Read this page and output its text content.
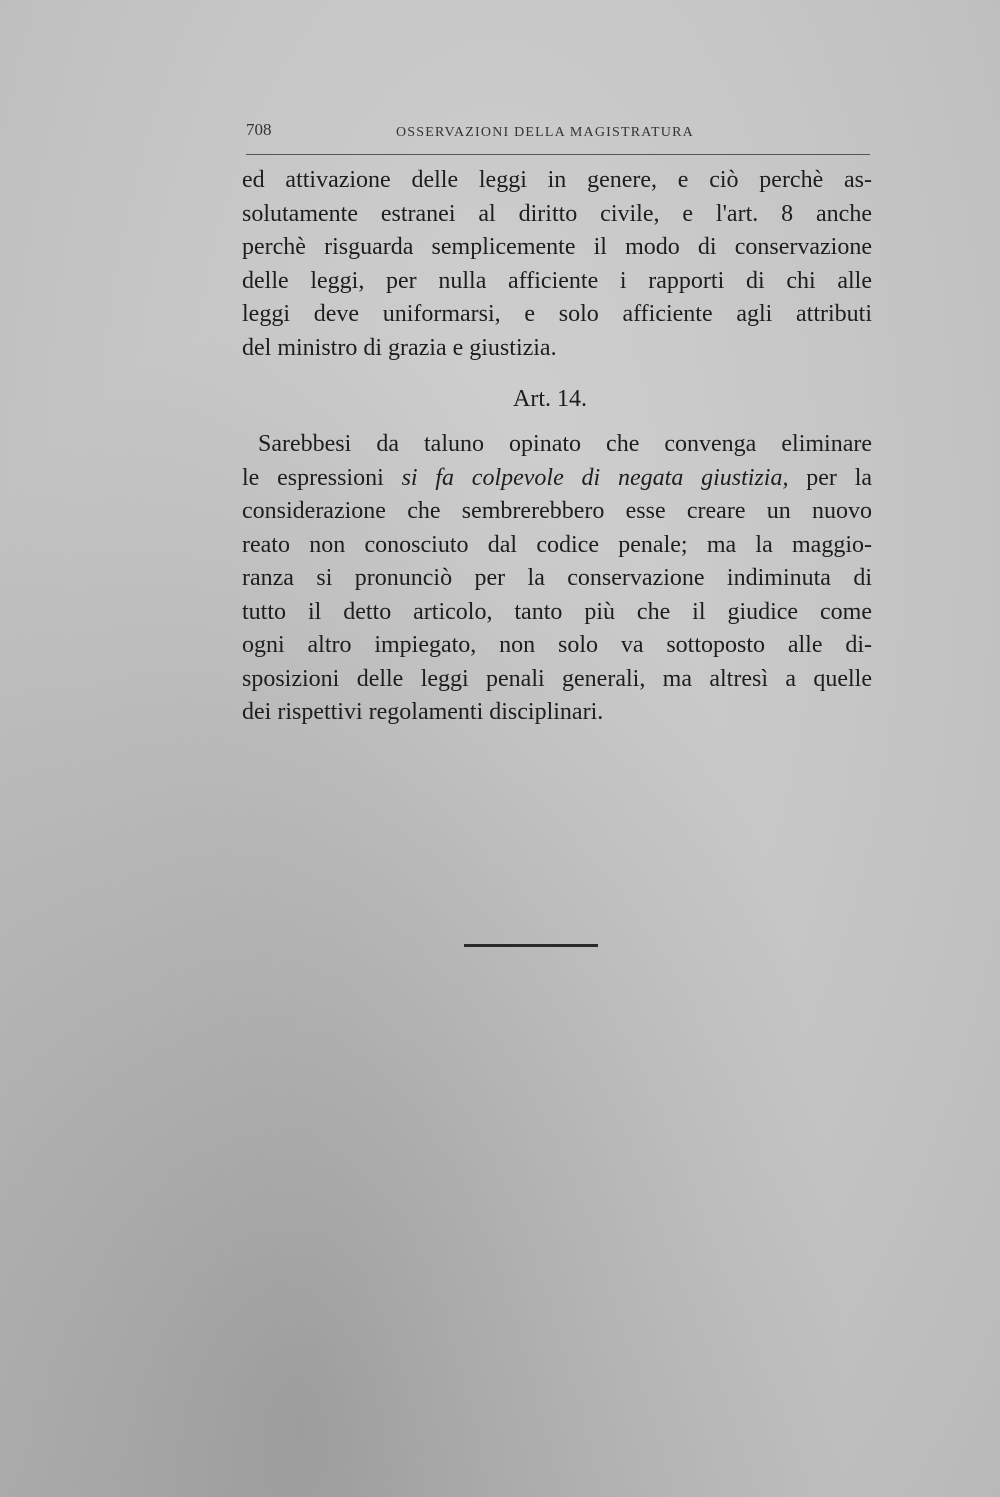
708	OSSERVAZIONI DELLA MAGISTRATURA
ed attivazione delle leggi in genere, e ciò perchè as-
solutamente estranei al diritto civile, e l'art. 8 anche
perchè risguarda semplicemente il modo di conservazione
delle leggi, per nulla afficiente i rapporti di chi alle
leggi deve uniformarsi, e solo afficiente agli attributi
del ministro di grazia e giustizia.
Art. 14.
Sarebbesi da taluno opinato che convenga eliminare
le espressioni si fa colpevole di negata giustizia, per la
considerazione che sembrerebbero esse creare un nuovo
reato non conosciuto dal codice penale; ma la maggio-
ranza si pronunciò per la conservazione indiminuta di
tutto il detto articolo, tanto più che il giudice come
ogni altro impiegato, non solo va sottoposto alle di-
sposizioni delle leggi penali generali, ma altresì a quelle
dei rispettivi regolamenti disciplinari.
